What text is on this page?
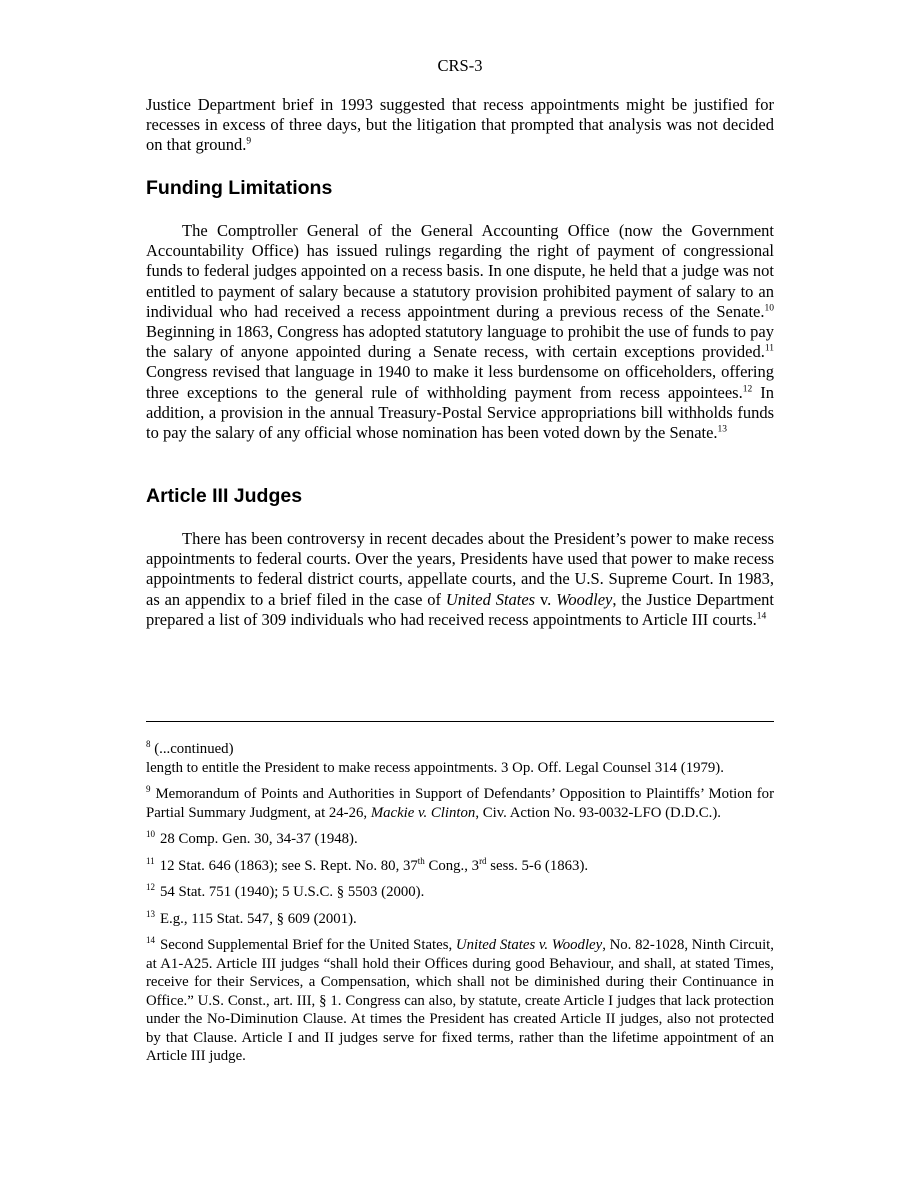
CRS-3

Justice Department brief in 1993 suggested that recess appointments might be justified for recesses in excess of three days, but the litigation that prompted that analysis was not decided on that ground.$^9$

Funding Limitations

The Comptroller General of the General Accounting Office (now the Government Accountability Office) has issued rulings regarding the right of payment of congressional funds to federal judges appointed on a recess basis. In one dispute, he held that a judge was not entitled to payment of salary because a statutory provision prohibited payment of salary to an individual who had received a recess appointment during a previous recess of the Senate.$^{10}$ Beginning in 1863, Congress has adopted statutory language to prohibit the use of funds to pay the salary of anyone appointed during a Senate recess, with certain exceptions provided.$^{11}$ Congress revised that language in 1940 to make it less burdensome on officeholders, offering three exceptions to the general rule of withholding payment from recess appointees.$^{12}$ In addition, a provision in the annual Treasury-Postal Service appropriations bill withholds funds to pay the salary of any official whose nomination has been voted down by the Senate.$^{13}$

Article III Judges

There has been controversy in recent decades about the President’s power to make recess appointments to federal courts. Over the years, Presidents have used that power to make recess appointments to federal district courts, appellate courts, and the U.S. Supreme Court. In 1983, as an appendix to a brief filed in the case of United States v. Woodley, the Justice Department prepared a list of 309 individuals who had received recess appointments to Article III courts.$^{14}$

$^8$ (...continued)
length to entitle the President to make recess appointments. 3 Op. Off. Legal Counsel 314 (1979).

$^9$ Memorandum of Points and Authorities in Support of Defendants’ Opposition to Plaintiffs’ Motion for Partial Summary Judgment, at 24-26, Mackie v. Clinton, Civ. Action No. 93-0032-LFO (D.D.C.).

$^{10}$ 28 Comp. Gen. 30, 34-37 (1948).

$^{11}$ 12 Stat. 646 (1863); see S. Rept. No. 80, 37th Cong., 3rd sess. 5-6 (1863).

$^{12}$ 54 Stat. 751 (1940); 5 U.S.C. § 5503 (2000).

$^{13}$ E.g., 115 Stat. 547, § 609 (2001).

$^{14}$ Second Supplemental Brief for the United States, United States v. Woodley, No. 82-1028, Ninth Circuit, at A1-A25. Article III judges “shall hold their Offices during good Behaviour, and shall, at stated Times, receive for their Services, a Compensation, which shall not be diminished during their Continuance in Office.” U.S. Const., art. III, § 1. Congress can also, by statute, create Article I judges that lack protection under the No-Diminution Clause. At times the President has created Article II judges, also not protected by that Clause. Article I and II judges serve for fixed terms, rather than the lifetime appointment of an Article III judge.
